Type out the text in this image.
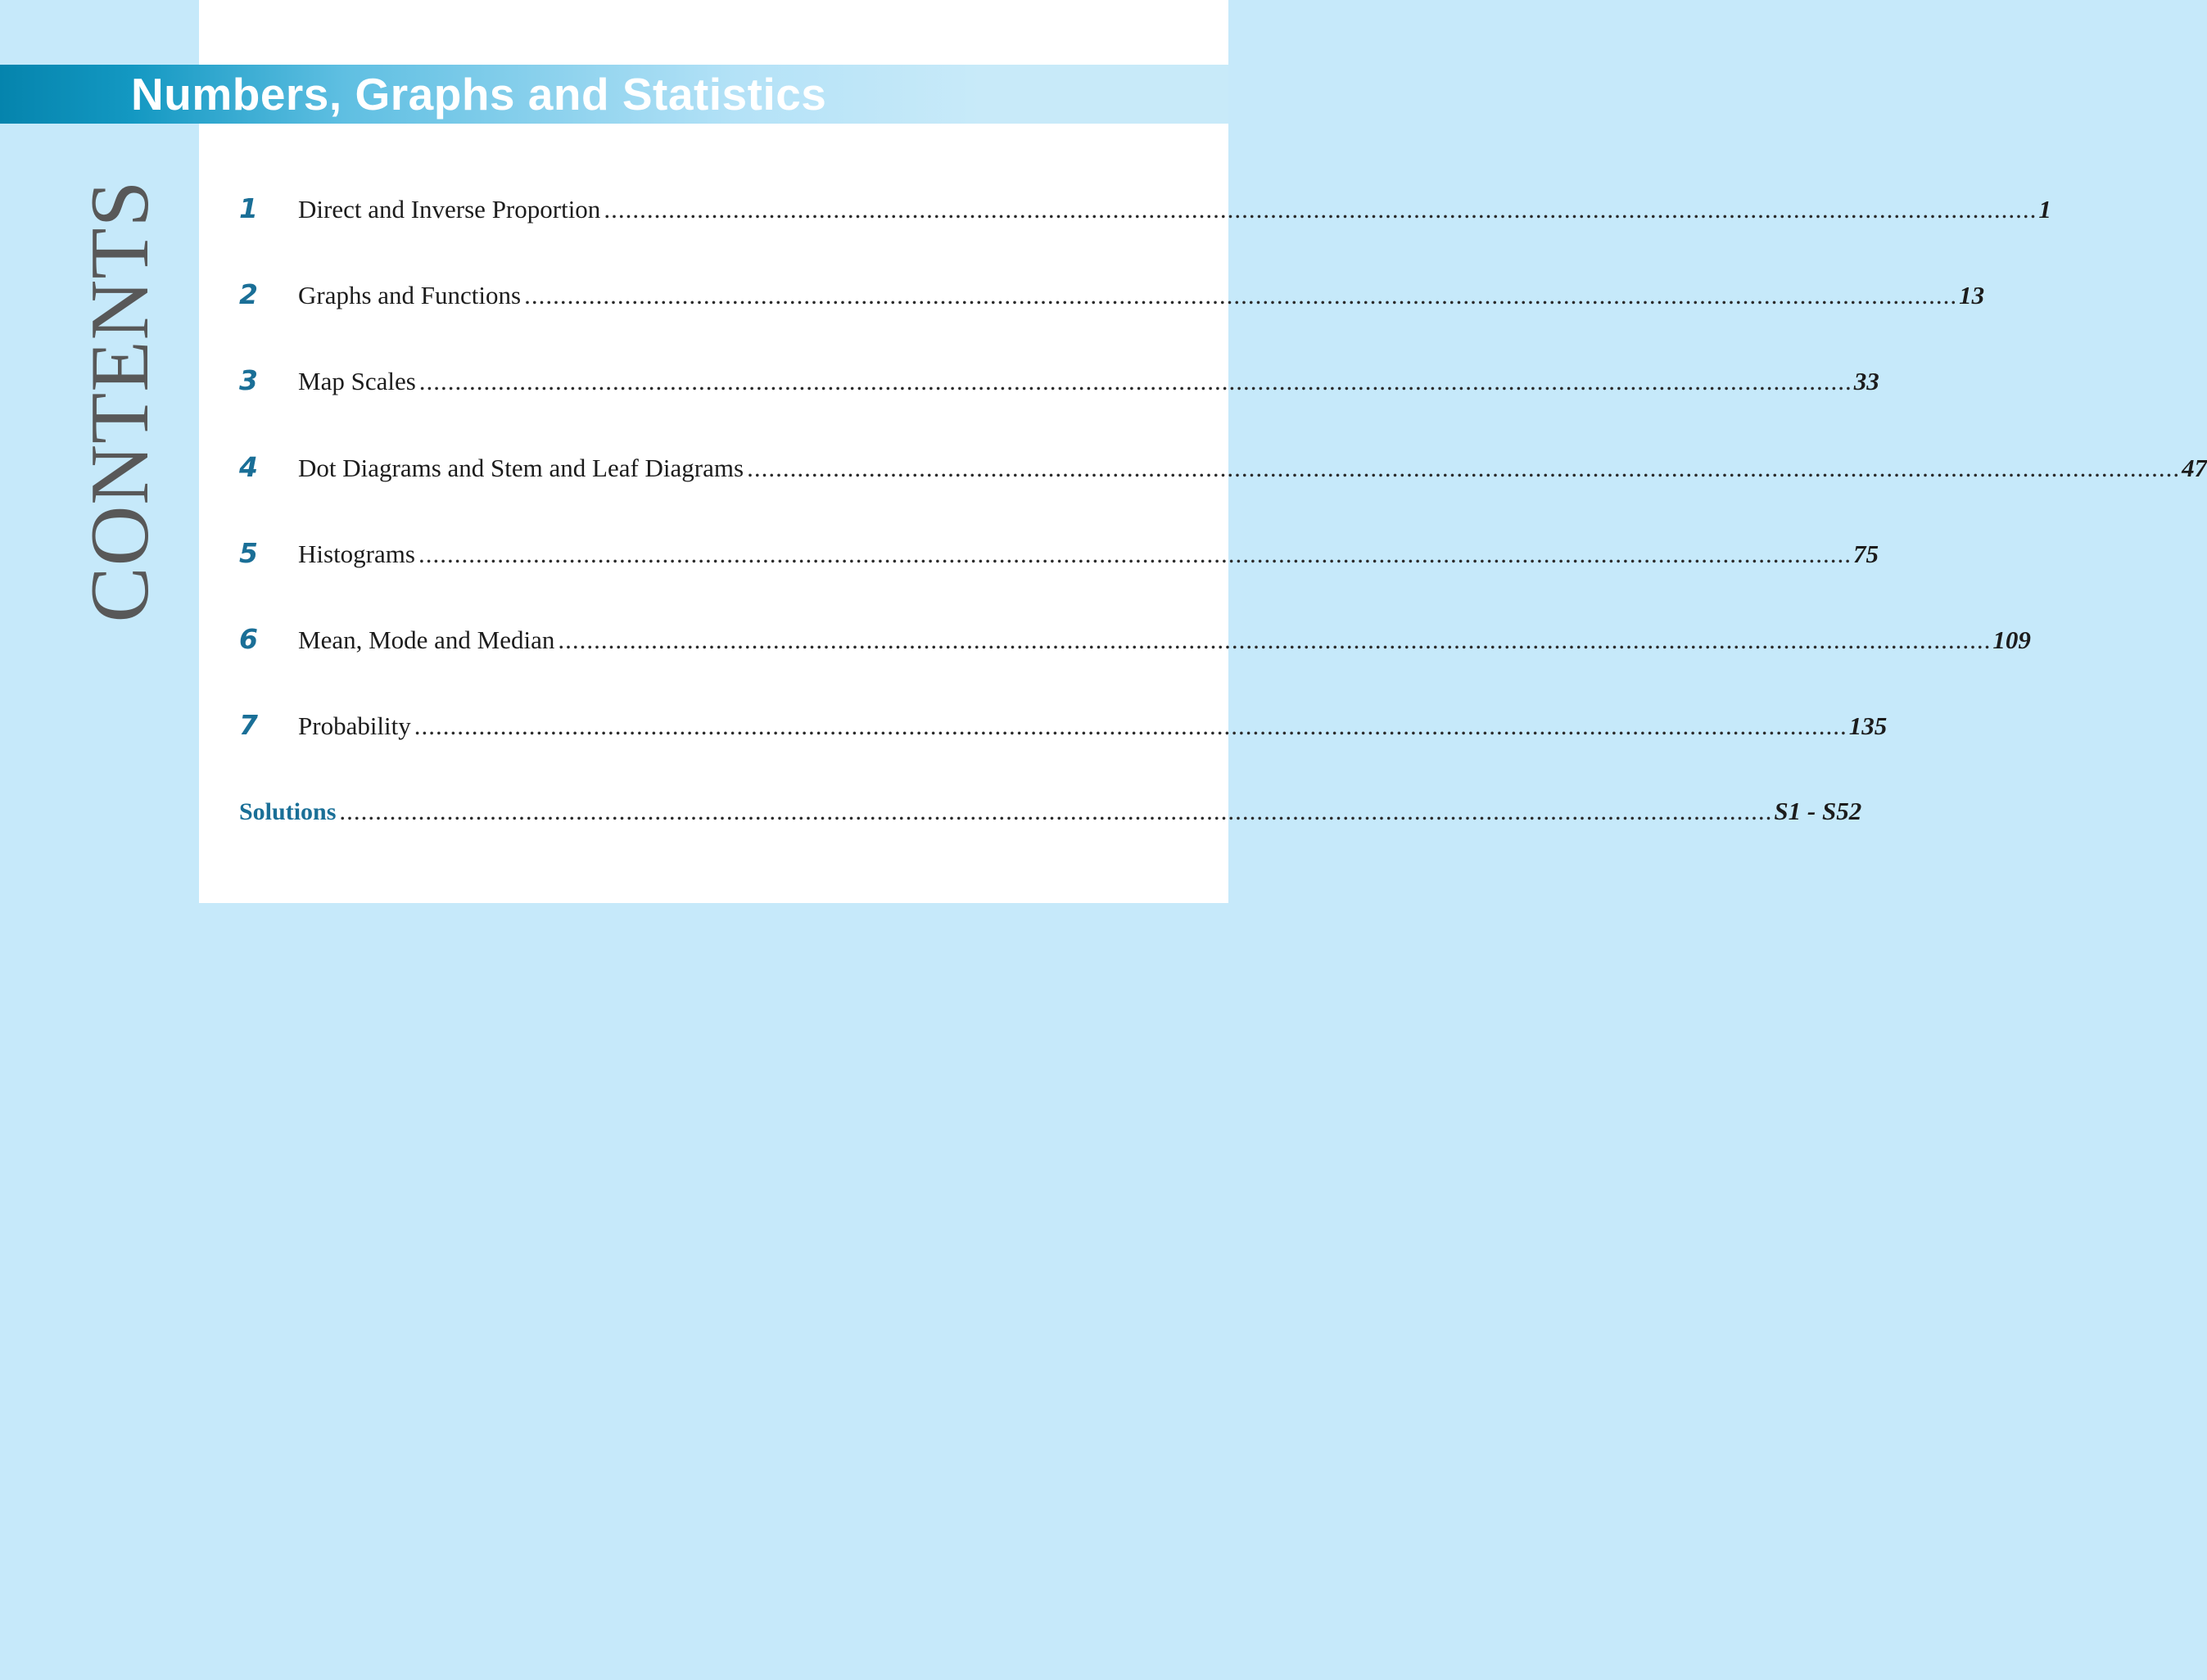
Numbers, Graphs and Statistics
CONTENTS	1	Direct and Inverse Proportion ........................................................................................................................................................................................................ 1
2	Graphs and Functions ........................................................................................................................................................................................................ 13
3	Map Scales ........................................................................................................................................................................................................ 33
4	Dot Diagrams and Stem and Leaf Diagrams ........................................................................................................................................................................................................ 47
5	Histograms ........................................................................................................................................................................................................ 75
6	Mean, Mode and Median ........................................................................................................................................................................................................ 109
7	Probability ........................................................................................................................................................................................................ 135
Solutions ........................................................................................................................................................................................................ S1 - S52
